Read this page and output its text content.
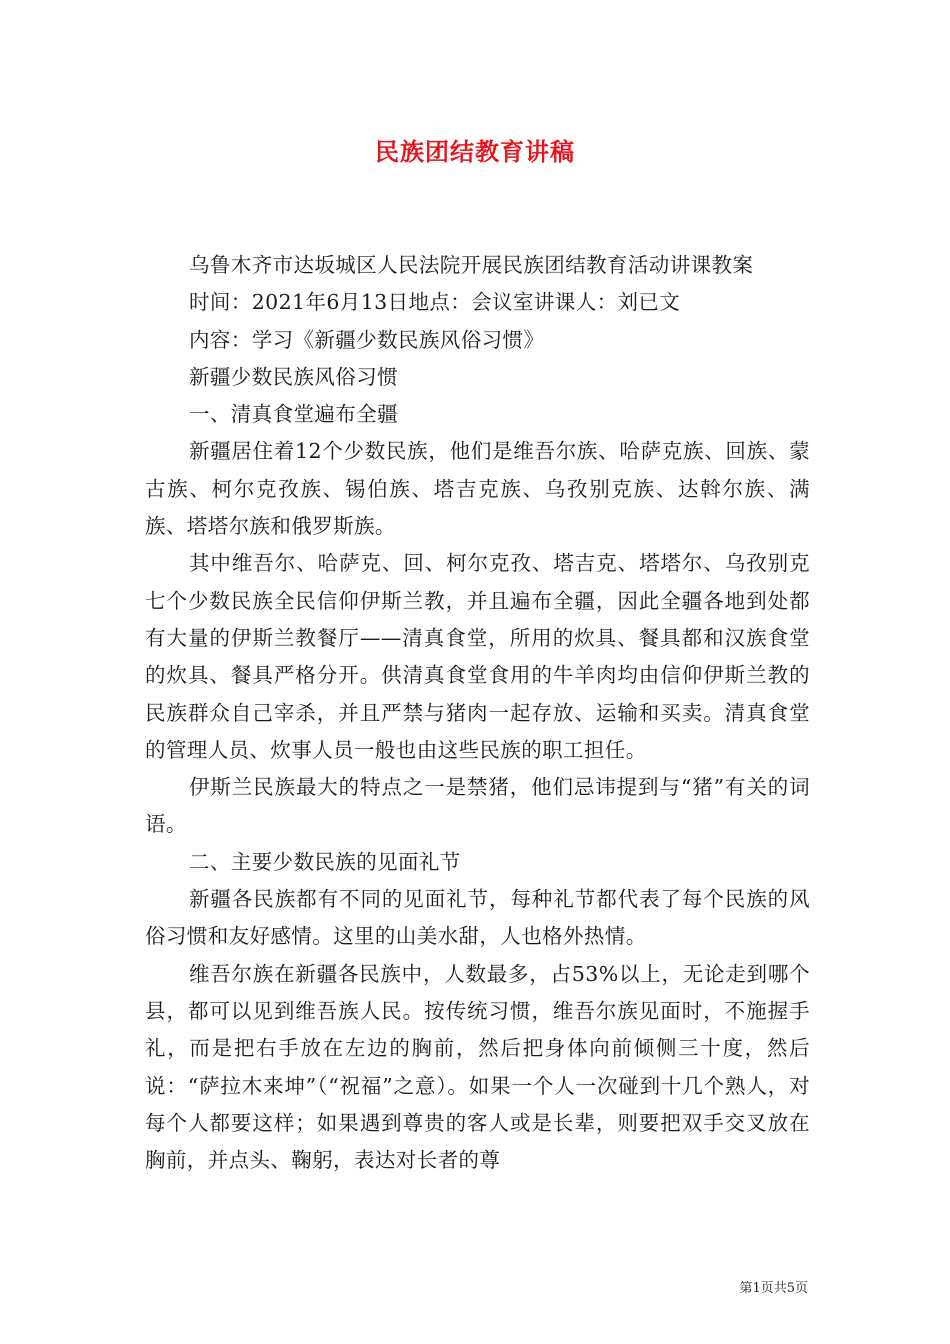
民族团结教育讲稿

乌鲁木齐市达坂城区人民法院开展民族团结教育活动讲课教案

时间：2021年6月13日地点：会议室讲课人：刘已文

内容：学习《新疆少数民族风俗习惯》

新疆少数民族风俗习惯

一、清真食堂遍布全疆

新疆居住着12个少数民族，他们是维吾尔族、哈萨克族、回族、蒙古族、柯尔克孜族、锡伯族、塔吉克族、乌孜别克族、达斡尔族、满族、塔塔尔族和俄罗斯族。

其中维吾尔、哈萨克、回、柯尔克孜、塔吉克、塔塔尔、乌孜别克七个少数民族全民信仰伊斯兰教，并且遍布全疆，因此全疆各地到处都有大量的伊斯兰教餐厅——清真食堂，所用的炊具、餐具都和汉族食堂的炊具、餐具严格分开。供清真食堂食用的牛羊肉均由信仰伊斯兰教的民族群众自己宰杀，并且严禁与猪肉一起存放、运输和买卖。清真食堂的管理人员、炊事人员一般也由这些民族的职工担任。

伊斯兰民族最大的特点之一是禁猪，他们忌讳提到与“猪”有关的词语。

二、主要少数民族的见面礼节

新疆各民族都有不同的见面礼节，每种礼节都代表了每个民族的风俗习惯和友好感情。这里的山美水甜，人也格外热情。

维吾尔族在新疆各民族中，人数最多，占53%以上，无论走到哪个县，都可以见到维吾族人民。按传统习惯，维吾尔族见面时，不施握手礼，而是把右手放在左边的胸前，然后把身体向前倾侧三十度，然后说：“萨拉木来坤”（“祝福”之意）。如果一个人一次碰到十几个熟人，对每个人都要这样；如果遇到尊贵的客人或是长辈，则要把双手交叉放在胸前，并点头、鞠躬，表达对长者的尊

第1页共5页
